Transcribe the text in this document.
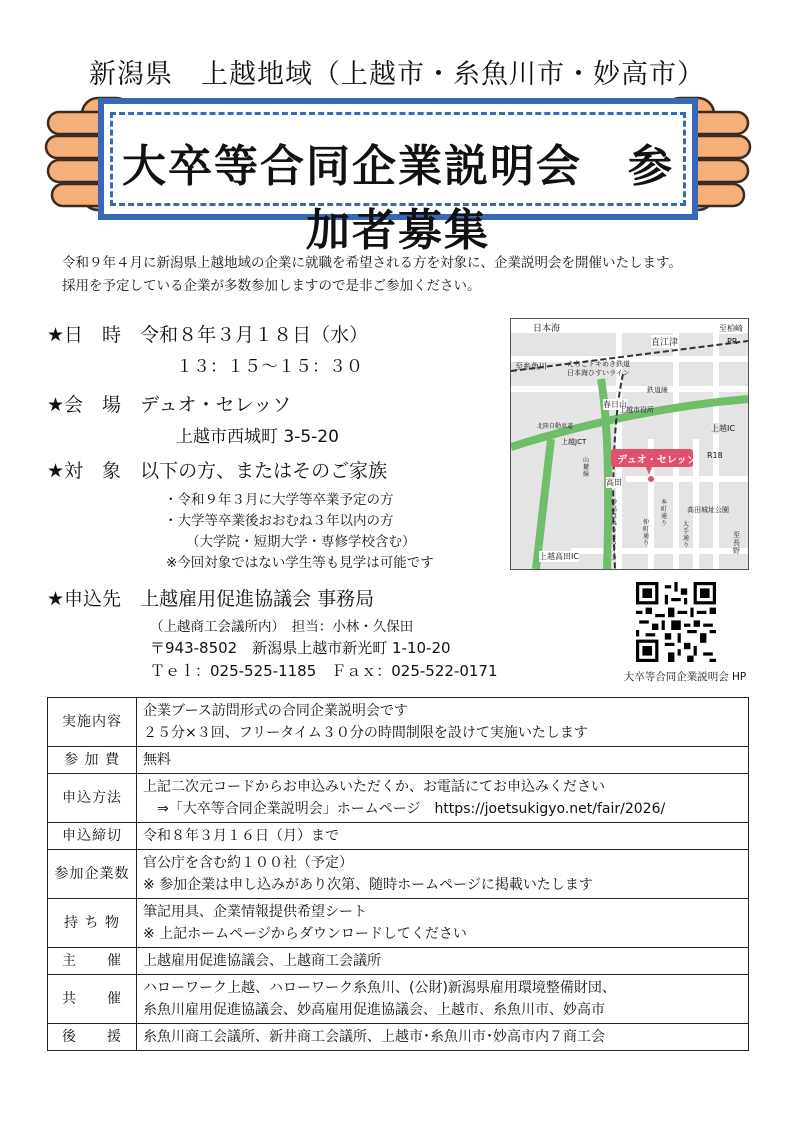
新潟県　上越地域（上越市・糸魚川市・妙高市）
大卒等合同企業説明会　参加者募集
令和９年４月に新潟県上越地域の企業に就職を希望される方を対象に、企業説明会を開催いたします。
採用を予定している企業が多数参加しますので是非ご参加ください。
★日　時　 令和８年３月１８日（水）
１３：１５〜１５：３０
★会　場　 デュオ・セレッソ
上越市西城町 3-5-20
★対　象　 以下の方、またはそのご家族
・令和９年３月に大学等卒業予定の方
・大学等卒業後おおむね３年以内の方
（大学院・短期大学・専修学校含む）
※今回対象ではない学生等も見学は可能です
★申込先　 上越雇用促進協議会 事務局
（上越商工会議所内）　担当：小林・久保田
〒943-8502　新潟県上越市新光町 1-10-20
Ｔｅｌ：025-525-1185　Ｆａｘ：025-522-0171
日本海
直江津
至柏崎
PR
至糸魚川	えちごトキめき鉄道
日本海ひすいライン
春日山
鉄道線
上越市役所
北陸自動車道
上越JCT
上越IC
R18
デュオ・セレッソ
高田城址公園
上越高田IC
高田
妙高はねうまライン
山麓線
仲町通り
本町通り	大手通り
至長野
大卒等合同企業説明会 HP
実施内容	企業ブース訪問形式の合同企業説明会です
２５分×３回、フリータイム３０分の時間制限を設けて実施いたします

参 加 費	無料

申込方法	上記二次元コードからお申込みいただくか、お電話にてお申込みください
　⇒「大卒等合同企業説明会」ホームページ　https://joetsukigyo.net/fair/2026/

申込締切	令和８年３月１６日（月）まで

参加企業数	官公庁を含む約１００社（予定）
※ 参加企業は申し込みがあり次第、随時ホームページに掲載いたします

持 ち 物	筆記用具、企業情報提供希望シート
※ 上記ホームページからダウンロードしてください

主　　催	上越雇用促進協議会、上越商工会議所

共　　催	ハローワーク上越、ハローワーク糸魚川、(公財)新潟県雇用環境整備財団、
糸魚川雇用促進協議会、妙高雇用促進協議会、上越市、糸魚川市、妙高市

後　　援	糸魚川商工会議所、新井商工会議所、上越市･糸魚川市･妙高市内７商工会
